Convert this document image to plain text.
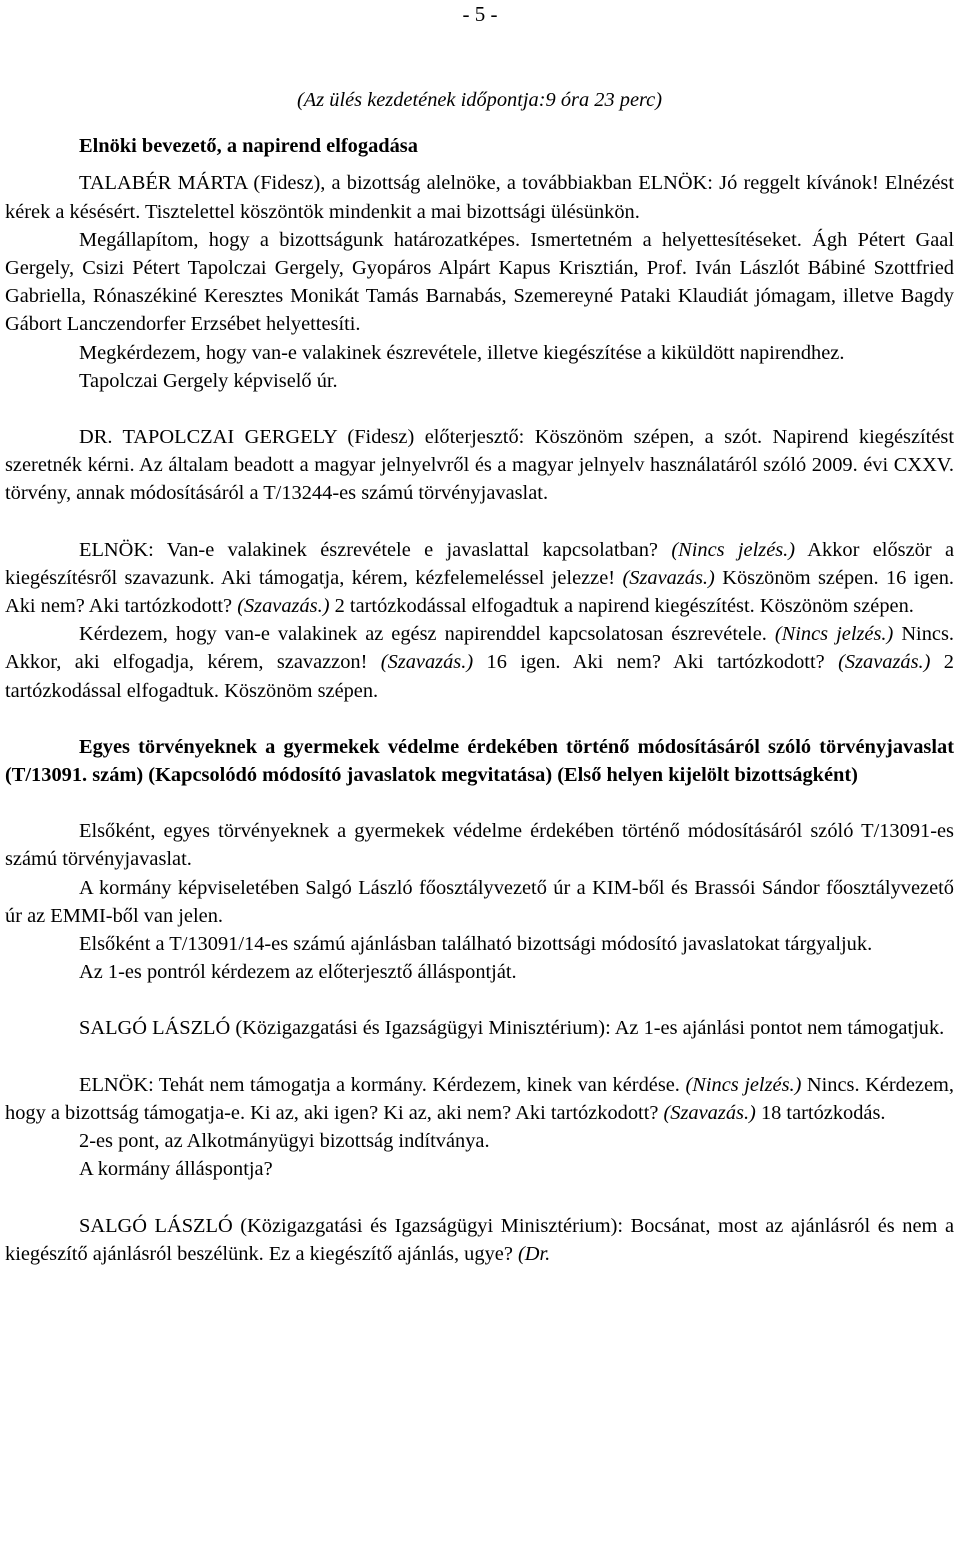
- 5 -

(Az ülés kezdetének időpontja:9 óra 23 perc)

Elnöki bevezető, a napirend elfogadása

TALABÉR MÁRTA (Fidesz), a bizottság alelnöke, a továbbiakban ELNÖK: Jó reggelt kívánok! Elnézést kérek a késésért. Tisztelettel köszöntök mindenkit a mai bizottsági ülésünkön.

Megállapítom, hogy a bizottságunk határozatképes. Ismertetném a helyettesítéseket. Ágh Pétert Gaal Gergely, Csizi Pétert Tapolczai Gergely, Gyopáros Alpárt Kapus Krisztián, Prof. Iván Lászlót Bábiné Szottfried Gabriella, Rónaszékiné Keresztes Monikát Tamás Barnabás, Szemereyné Pataki Klaudiát jómagam, illetve Bagdy Gábort Lanczendorfer Erzsébet helyettesíti.

Megkérdezem, hogy van-e valakinek észrevétele, illetve kiegészítése a kiküldött napirendhez.

Tapolczai Gergely képviselő úr.

DR. TAPOLCZAI GERGELY (Fidesz) előterjesztő: Köszönöm szépen, a szót. Napirend kiegészítést szeretnék kérni. Az általam beadott a magyar jelnyelvről és a magyar jelnyelv használatáról szóló 2009. évi CXXV. törvény, annak módosításáról a T/13244-es számú törvényjavaslat.

ELNÖK: Van-e valakinek észrevétele e javaslattal kapcsolatban? (Nincs jelzés.) Akkor először a kiegészítésről szavazunk. Aki támogatja, kérem, kézfelemeléssel jelezze! (Szavazás.) Köszönöm szépen. 16 igen. Aki nem? Aki tartózkodott? (Szavazás.) 2 tartózkodással elfogadtuk a napirend kiegészítést. Köszönöm szépen.

Kérdezem, hogy van-e valakinek az egész napirenddel kapcsolatosan észrevétele. (Nincs jelzés.) Nincs. Akkor, aki elfogadja, kérem, szavazzon! (Szavazás.) 16 igen. Aki nem? Aki tartózkodott? (Szavazás.) 2 tartózkodással elfogadtuk. Köszönöm szépen.

Egyes törvényeknek a gyermekek védelme érdekében történő módosításáról szóló törvényjavaslat (T/13091. szám) (Kapcsolódó módosító javaslatok megvitatása) (Első helyen kijelölt bizottságként)

Elsőként, egyes törvényeknek a gyermekek védelme érdekében történő módosításáról szóló T/13091-es számú törvényjavaslat.

A kormány képviseletében Salgó László főosztályvezető úr a KIM-ből és Brassói Sándor főosztályvezető úr az EMMI-ből van jelen.

Elsőként a T/13091/14-es számú ajánlásban található bizottsági módosító javaslatokat tárgyaljuk.

Az 1-es pontról kérdezem az előterjesztő álláspontját.

SALGÓ LÁSZLÓ (Közigazgatási és Igazságügyi Minisztérium): Az 1-es ajánlási pontot nem támogatjuk.

ELNÖK: Tehát nem támogatja a kormány. Kérdezem, kinek van kérdése. (Nincs jelzés.) Nincs. Kérdezem, hogy a bizottság támogatja-e. Ki az, aki igen? Ki az, aki nem? Aki tartózkodott? (Szavazás.) 18 tartózkodás.

2-es pont, az Alkotmányügyi bizottság indítványa.

A kormány álláspontja?

SALGÓ LÁSZLÓ (Közigazgatási és Igazságügyi Minisztérium): Bocsánat, most az ajánlásról és nem a kiegészítő ajánlásról beszélünk. Ez a kiegészítő ajánlás, ugye? (Dr.
